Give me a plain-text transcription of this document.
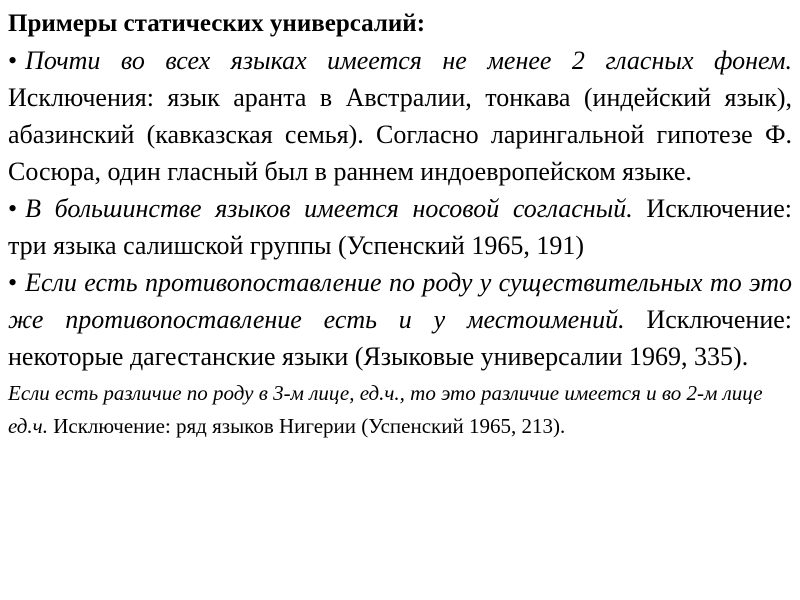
Примеры статических универсалий:

• Почти во всех языках имеется не менее 2 гласных фонем. Исключения: язык аранта в Австралии, тонкава (индейский язык), абазинский (кавказская семья). Согласно ларингальной гипотезе Ф. Сосюра, один гласный был в раннем индоевропейском языке.

• В большинстве языков имеется носовой согласный. Исключение: три языка салишской группы (Успенский 1965, 191)

• Если есть противопоставление по роду у существительных то это же противопоставление есть и у местоимений. Исключение: некоторые дагестанские языки (Языковые универсалии 1969, 335).

Если есть различие по роду в 3-м лице, ед.ч., то это различие имеется и во 2-м лице ед.ч. Исключение: ряд языков Нигерии (Успенский 1965, 213).
